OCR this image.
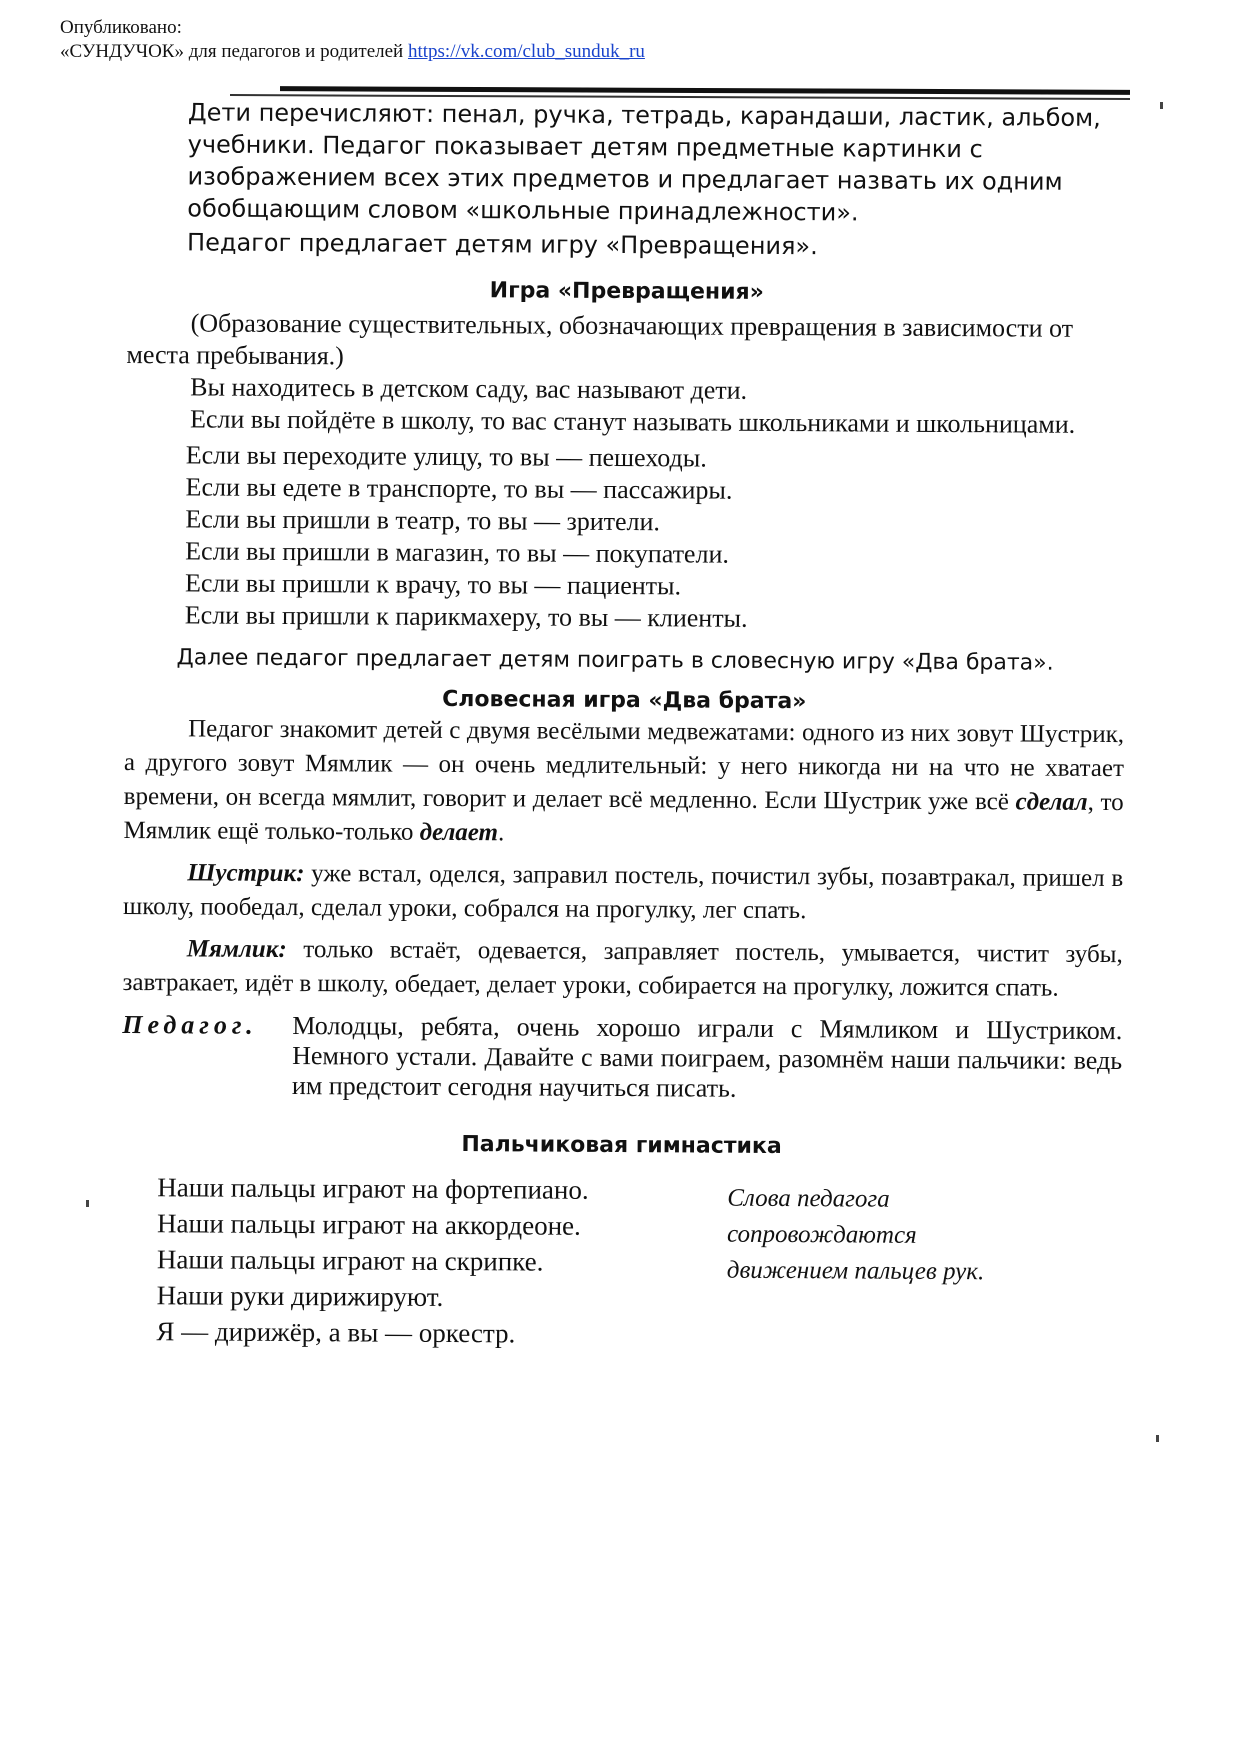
Опубликовано:
«СУНДУЧОК» для педагогов и родителей https://vk.com/club_sunduk_ru

Дети перечисляют: пенал, ручка, тетрадь, карандаши, ластик, альбом, учебники. Педагог показывает детям предметные картинки с изображением всех этих предметов и предлагает назвать их одним обобщающим словом «школьные принадлежности».

Педагог предлагает детям игру «Превращения».

Игра «Превращения»

(Образование существительных, обозначающих превращения в зависимости от места пребывания.)

Вы находитесь в детском саду, вас называют дети.

Если вы пойдёте в школу, то вас станут называть школьниками и школьницами.

Если вы переходите улицу, то вы — пешеходы.

Если вы едете в транспорте, то вы — пассажиры.

Если вы пришли в театр, то вы — зрители.

Если вы пришли в магазин, то вы — покупатели.

Если вы пришли к врачу, то вы — пациенты.

Если вы пришли к парикмахеру, то вы — клиенты.

Далее педагог предлагает детям поиграть в словесную игру «Два брата».

Словесная игра «Два брата»

Педагог знакомит детей с двумя весёлыми медвежатами: одного из них зовут Шустрик, а другого зовут Мямлик — он очень медлительный: у него никогда ни на что не хватает времени, он всегда мямлит, говорит и делает всё медленно. Если Шустрик уже всё сделал, то Мямлик ещё только-только делает.

Шустрик: уже встал, оделся, заправил постель, почистил зубы, позавтракал, пришел в школу, пообедал, сделал уроки, собрался на прогулку, лег спать.

Мямлик: только встаёт, одевается, заправляет постель, умывается, чистит зубы, завтракает, идёт в школу, обедает, делает уроки, собирается на прогулку, ложится спать.

Педагог.	Молодцы, ребята, очень хорошо играли с Мямликом и Шустриком. Немного устали. Давайте с вами поиграем, разомнём наши пальчики: ведь им предстоит сегодня научиться писать.
Пальчиковая гимнастика
Наши пальцы играют на фортепиано.
Наши пальцы играют на аккордеоне.
Наши пальцы играют на скрипке.
Наши руки дирижируют.
Я — дирижёр, а вы — оркестр.
Слова педагога
сопровождаются
движением пальцев рук.
